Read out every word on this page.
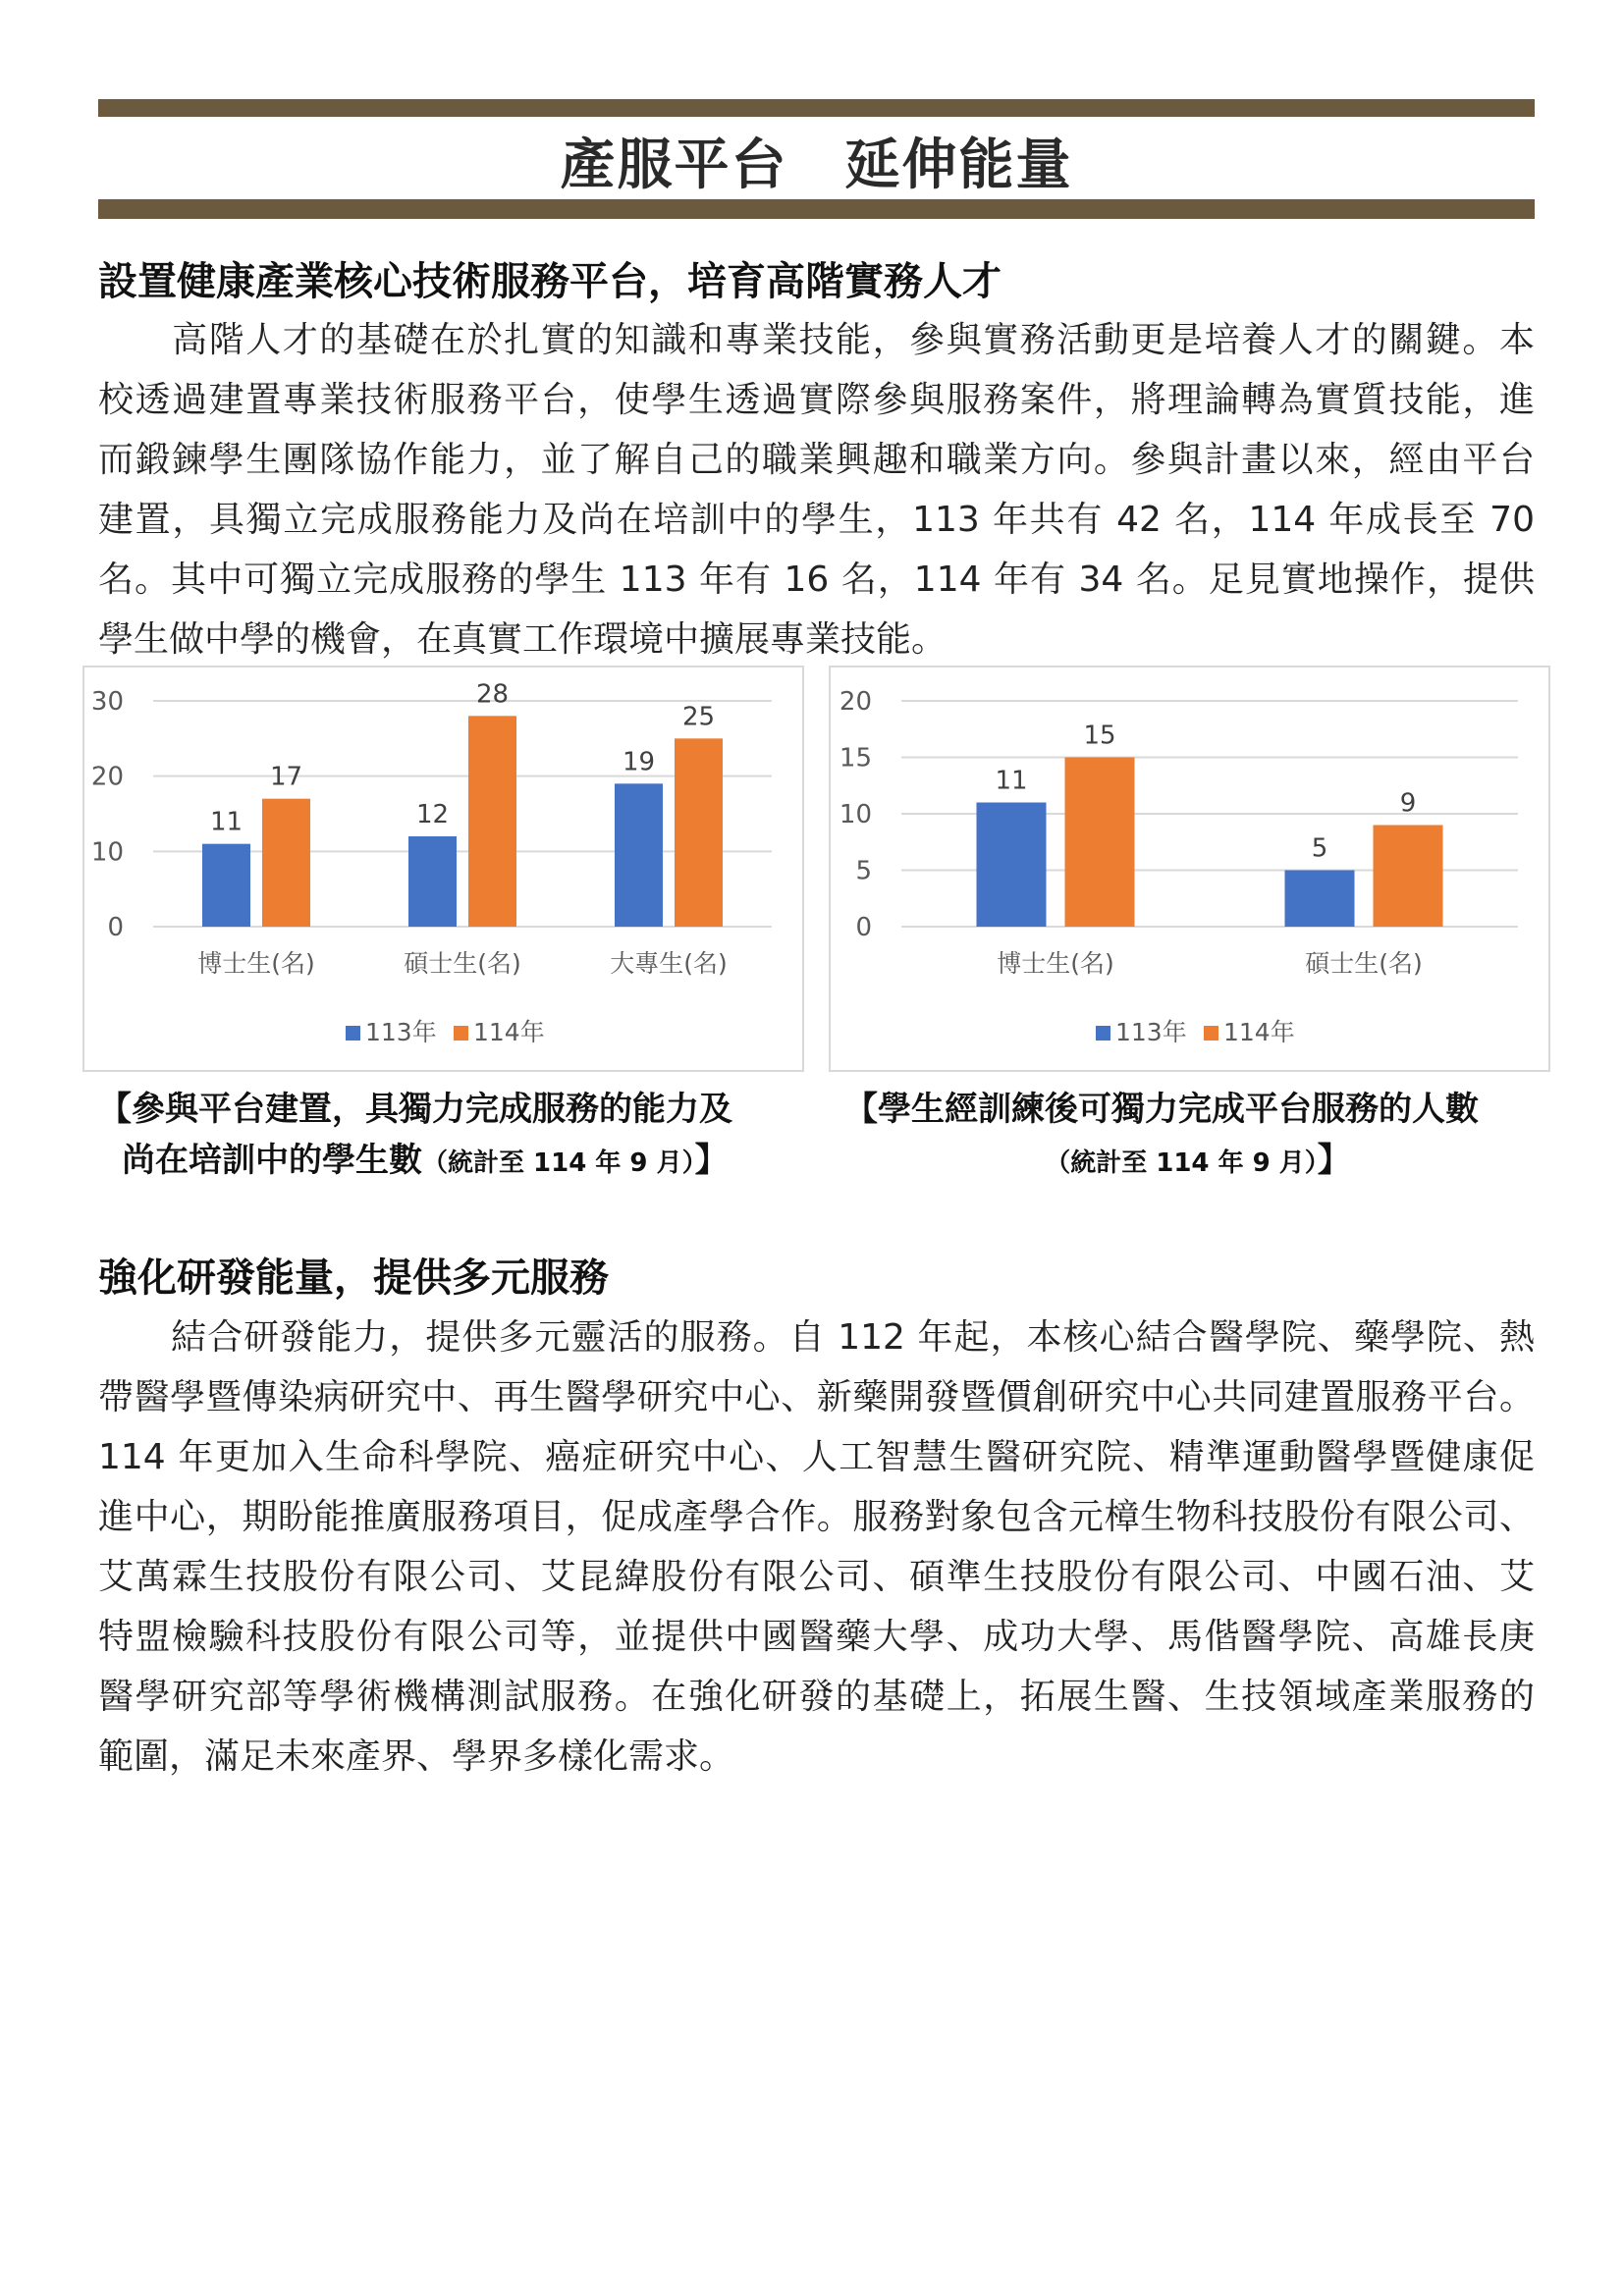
產服平台　延伸能量
設置健康產業核心技術服務平台，培育高階實務人才
　　高階人才的基礎在於扎實的知識和專業技能，參與實務活動更是培養人才的關鍵。本
校透過建置專業技術服務平台，使學生透過實際參與服務案件，將理論轉為實質技能，進
而鍛鍊學生團隊協作能力，並了解自己的職業興趣和職業方向。參與計畫以來，經由平台
建置，具獨立完成服務能力及尚在培訓中的學生，113 年共有 42 名，114 年成長至 70
名。其中可獨立完成服務的學生 113 年有 16 名，114 年有 34 名。足見實地操作，提供
學生做中學的機會，在真實工作環境中擴展專業技能。
0
10
20
30
11
17
博士生(名)
12
28
碩士生(名)
19
25
大專生(名)
113年 114年
0
5
10
15
20
11
15
博士生(名)
5
9
碩士生(名)
113年 114年
【參與平台建置，具獨力完成服務的能力及
尚在培訓中的學生數（統計至 114 年 9 月）】
【學生經訓練後可獨力完成平台服務的人數
（統計至 114 年 9 月）】
強化研發能量，提供多元服務
　　結合研發能力，提供多元靈活的服務。自 112 年起，本核心結合醫學院、藥學院、熱
帶醫學暨傳染病研究中、再生醫學研究中心、新藥開發暨價創研究中心共同建置服務平台。
114 年更加入生命科學院、癌症研究中心、人工智慧生醫研究院、精準運動醫學暨健康促
進中心，期盼能推廣服務項目，促成產學合作。服務對象包含元樟生物科技股份有限公司、
艾萬霖生技股份有限公司、艾昆緯股份有限公司、碩準生技股份有限公司、中國石油、艾
特盟檢驗科技股份有限公司等，並提供中國醫藥大學、成功大學、馬偕醫學院、高雄長庚
醫學研究部等學術機構測試服務。在強化研發的基礎上，拓展生醫、生技領域產業服務的
範圍，滿足未來產界、學界多樣化需求。
